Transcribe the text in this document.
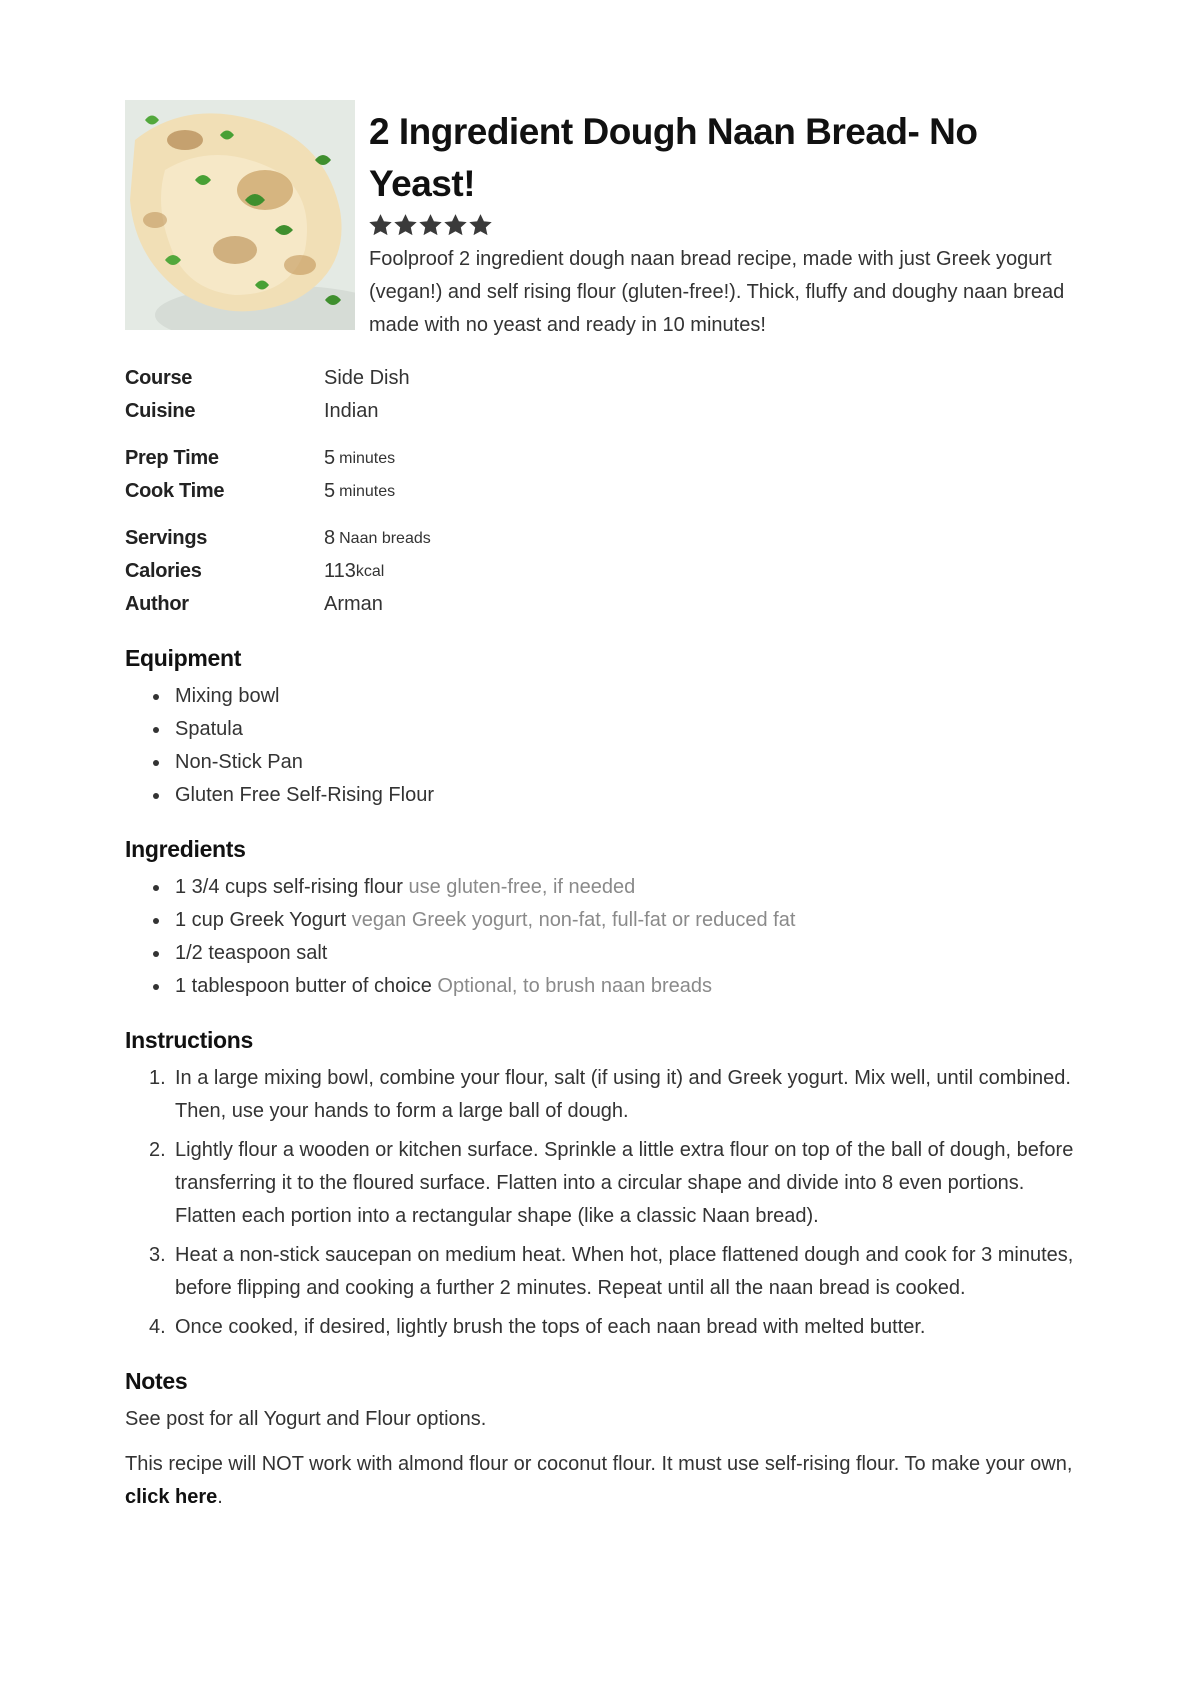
2 Ingredient Dough Naan Bread- No Yeast!

Foolproof 2 ingredient dough naan bread recipe, made with just Greek yogurt (vegan!) and self rising flour (gluten-free!). Thick, fluffy and doughy naan bread made with no yeast and ready in 10 minutes!

Course	Side Dish
Cuisine	Indian
Prep Time	5 minutes
Cook Time	5 minutes
Servings	8 Naan breads
Calories	113 kcal
Author	Arman
Equipment
Mixing bowl
Spatula
Non-Stick Pan
Gluten Free Self-Rising Flour
Ingredients
1 3/4 cups self-rising flour use gluten-free, if needed
1 cup Greek Yogurt vegan Greek yogurt, non-fat, full-fat or reduced fat
1/2 teaspoon salt
1 tablespoon butter of choice Optional, to brush naan breads
Instructions
In a large mixing bowl, combine your flour, salt (if using it) and Greek yogurt. Mix well, until combined. Then, use your hands to form a large ball of dough.
Lightly flour a wooden or kitchen surface. Sprinkle a little extra flour on top of the ball of dough, before transferring it to the floured surface. Flatten into a circular shape and divide into 8 even portions. Flatten each portion into a rectangular shape (like a classic Naan bread).
Heat a non-stick saucepan on medium heat. When hot, place flattened dough and cook for 3 minutes, before flipping and cooking a further 2 minutes. Repeat until all the naan bread is cooked.
Once cooked, if desired, lightly brush the tops of each naan bread with melted butter.
Notes

See post for all Yogurt and Flour options.

This recipe will NOT work with almond flour or coconut flour. It must use self-rising flour. To make your own, click here.
